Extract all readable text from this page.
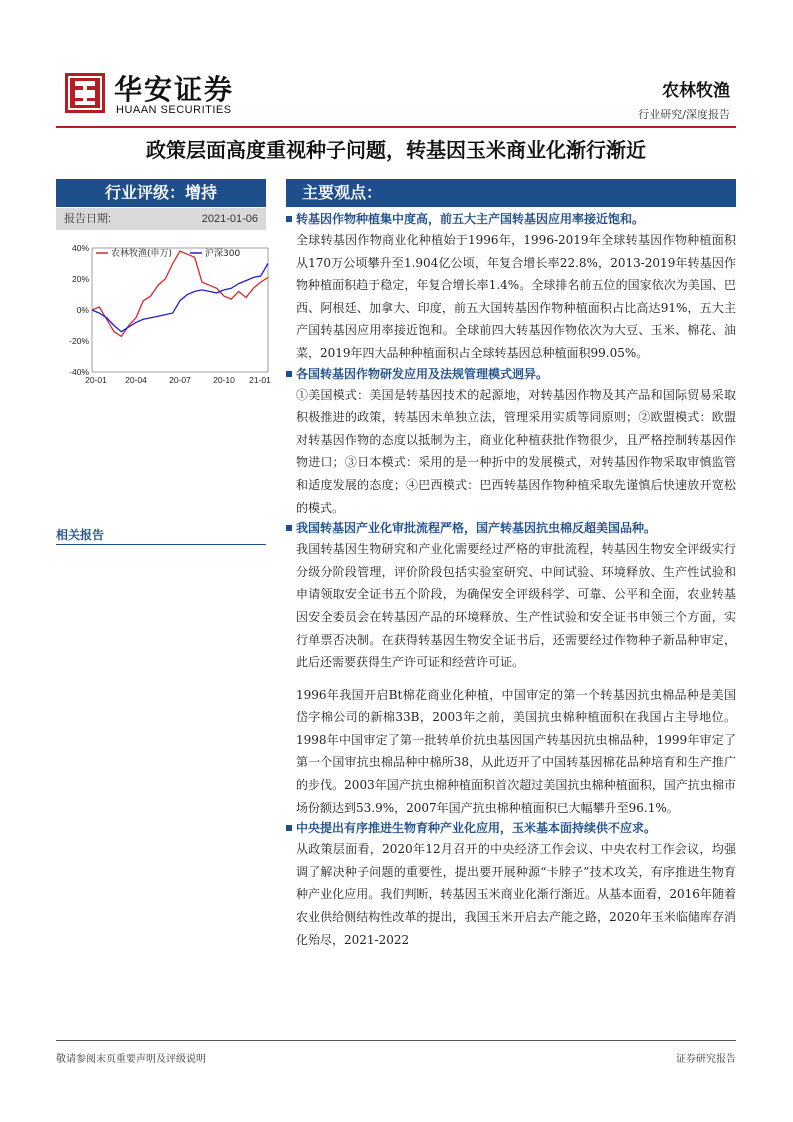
华安证券
HUAAN SECURITIES
农林牧渔
行业研究/深度报告
政策层面高度重视种子问题，转基因玉米商业化渐行渐近
行业评级：增持
报告日期:	2021-01-06
40%
20%
0%
-20%
-40%
20-01 20-04	20-07	20-10 21-01
农林牧渔(申万)	沪深300
相关报告
主要观点：
转基因作物种植集中度高，前五大主产国转基因应用率接近饱和。

全球转基因作物商业化种植始于1996年，1996-2019年全球转基因作物种植面积从170万公顷攀升至1.904亿公顷，年复合增长率22.8%，2013-2019年转基因作物种植面积趋于稳定，年复合增长率1.4%。全球排名前五位的国家依次为美国、巴西、阿根廷、加拿大、印度，前五大国转基因作物种植面积占比高达91%，五大主产国转基因应用率接近饱和。全球前四大转基因作物依次为大豆、玉米、棉花、油菜，2019年四大品种种植面积占全球转基因总种植面积99.05%。

各国转基因作物研发应用及法规管理模式迥异。

①美国模式：美国是转基因技术的起源地，对转基因作物及其产品和国际贸易采取积极推进的政策，转基因未单独立法，管理采用实质等同原则；②欧盟模式：欧盟对转基因作物的态度以抵制为主，商业化种植获批作物很少，且严格控制转基因作物进口；③日本模式：采用的是一种折中的发展模式，对转基因作物采取审慎监管和适度发展的态度；④巴西模式：巴西转基因作物种植采取先谨慎后快速放开宽松的模式。

我国转基因产业化审批流程严格，国产转基因抗虫棉反超美国品种。

我国转基因生物研究和产业化需要经过严格的审批流程，转基因生物安全评级实行分级分阶段管理，评价阶段包括实验室研究、中间试验、环境释放、生产性试验和申请领取安全证书五个阶段，为确保安全评级科学、可靠、公平和全面，农业转基因安全委员会在转基因产品的环境释放、生产性试验和安全证书申领三个方面，实行单票否决制。在获得转基因生物安全证书后，还需要经过作物种子新品种审定，此后还需要获得生产许可证和经营许可证。

1996年我国开启Bt棉花商业化种植，中国审定的第一个转基因抗虫棉品种是美国岱字棉公司的新棉33B，2003年之前，美国抗虫棉种植面积在我国占主导地位。1998年中国审定了第一批转单价抗虫基因国产转基因抗虫棉品种，1999年审定了第一个国审抗虫棉品种中棉所38，从此迈开了中国转基因棉花品种培育和生产推广的步伐。2003年国产抗虫棉种植面积首次超过美国抗虫棉种植面积，国产抗虫棉市场份额达到53.9%，2007年国产抗虫棉种植面积已大幅攀升至96.1%。

中央提出有序推进生物育种产业化应用，玉米基本面持续供不应求。

从政策层面看，2020年12月召开的中央经济工作会议、中央农村工作会议，均强调了解决种子问题的重要性，提出要开展种源“卡脖子”技术攻关，有序推进生物育种产业化应用。我们判断，转基因玉米商业化渐行渐近。从基本面看，2016年随着农业供给侧结构性改革的提出，我国玉米开启去产能之路，2020年玉米临储库存消化殆尽，2021-2022

敬请参阅末页重要声明及评级说明	证券研究报告
